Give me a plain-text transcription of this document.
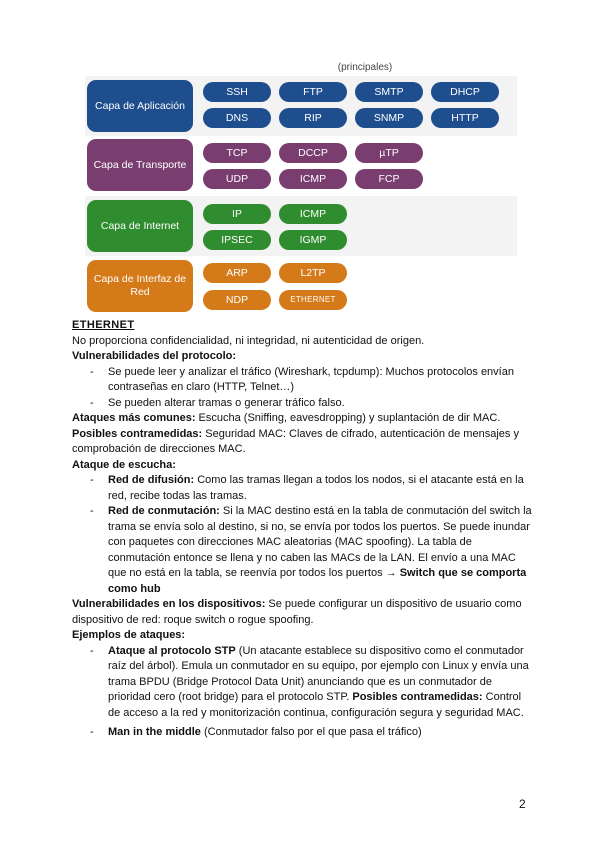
(principales)
Capa de Aplicación
SSH	FTP	SMTP	DHCP
DNS	RIP	SNMP	HTTP
Capa de Transporte
TCP	DCCP	µTP
UDP	ICMP	FCP
Capa de Internet
IP	ICMP
IPSEC	IGMP
Capa de Interfaz de Red
ARP	L2TP
NDP	ETHERNET

ETHERNET

No proporciona confidencialidad, ni integridad, ni autenticidad de origen.

Vulnerabilidades del protocolo:

- Se puede leer y analizar el tráfico (Wireshark, tcpdump): Muchos protocolos envían contraseñas en claro (HTTP, Telnet…)
- Se pueden alterar tramas o generar tráfico falso.

Ataques más comunes: Escucha (Sniffing, eavesdropping) y suplantación de dir MAC.

Posibles contramedidas: Seguridad MAC: Claves de cifrado, autenticación de mensajes y comprobación de direcciones MAC.

Ataque de escucha:

- Red de difusión: Como las tramas llegan a todos los nodos, si el atacante está en la red, recibe todas las tramas.
- Red de conmutación: Si la MAC destino está en la tabla de conmutación del switch la trama se envía solo al destino, si no, se envía por todos los puertos. Se puede inundar con paquetes con direcciones MAC aleatorias (MAC spoofing). La tabla de conmutación entonce se llena y no caben las MACs de la LAN. El envío a una MAC que no está en la tabla, se reenvía por todos los puertos → Switch que se comporta como hub

Vulnerabilidades en los dispositivos: Se puede configurar un dispositivo de usuario como dispositivo de red: roque switch o rogue spoofing.

Ejemplos de ataques:

- Ataque al protocolo STP (Un atacante establece su dispositivo como el conmutador raíz del árbol). Emula un conmutador en su equipo, por ejemplo con Linux y envía una trama BPDU (Bridge Protocol Data Unit) anunciando que es un conmutador de prioridad cero (root bridge) para el protocolo STP. Posibles contramedidas: Control de acceso a la red y monitorización continua, configuración segura y seguridad MAC.
- Man in the middle (Conmutador falso por el que pasa el tráfico)
2
